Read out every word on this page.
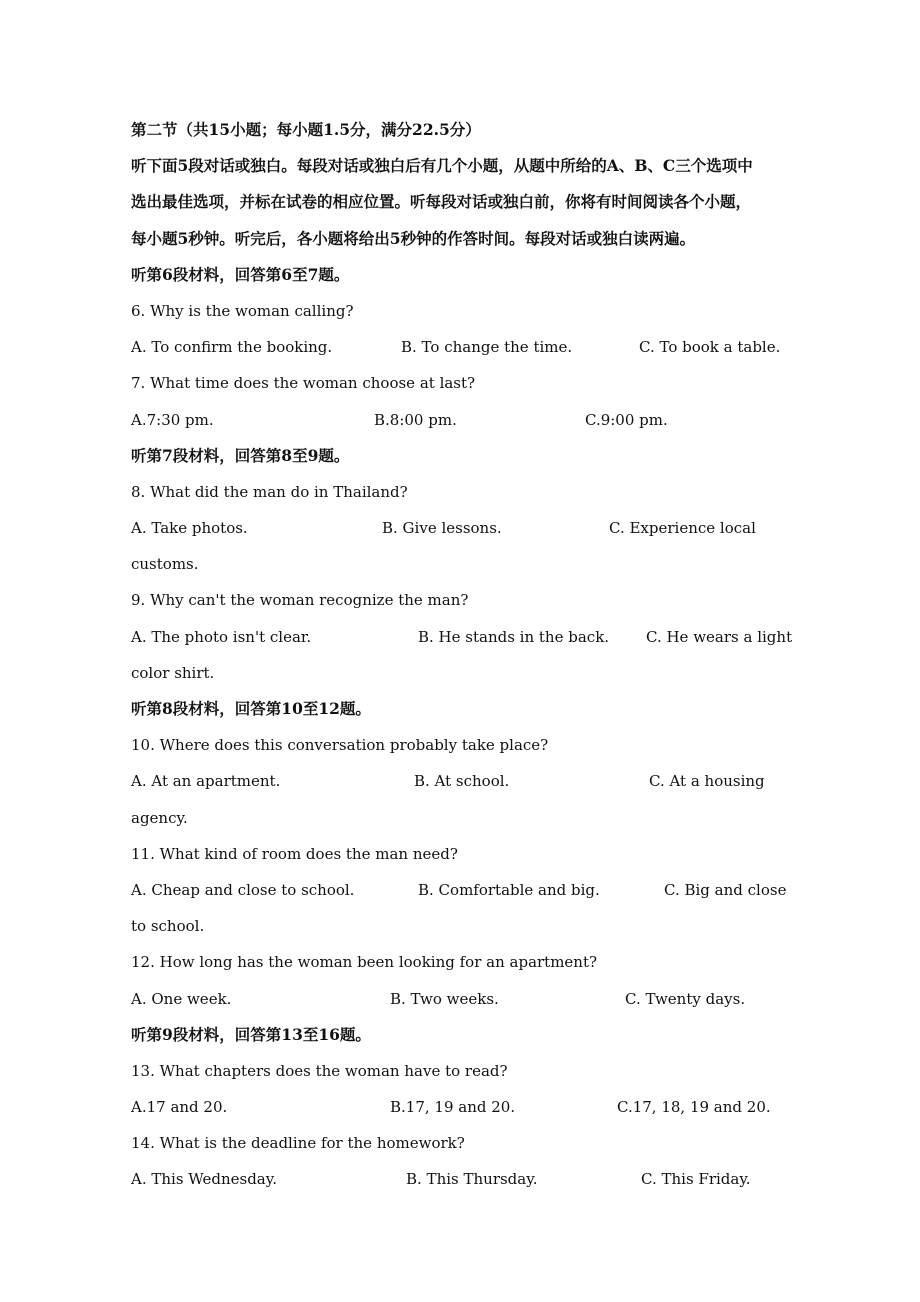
第二节（共15小题；每小题1.5分，满分22.5分）
听下面5段对话或独白。每段对话或独白后有几个小题，从题中所给的A、B、C三个选项中
选出最佳选项，并标在试卷的相应位置。听每段对话或独白前，你将有时间阅读各个小题，
每小题5秒钟。听完后，各小题将给出5秒钟的作答时间。每段对话或独白读两遍。
听第6段材料，回答第6至7题。
6. Why is the woman calling?
A. To confirm the booking.	B. To change the time.	C. To book a table.
7. What time does the woman choose at last?
A.7:30 pm.	B.8:00 pm.	C.9:00 pm.
听第7段材料，回答第8至9题。
8. What did the man do in Thailand?
A. Take photos.	B. Give lessons.	C. Experience local
customs.
9. Why can't the woman recognize the man?
A. The photo isn't clear.	B. He stands in the back. C. He wears a light
color shirt.
听第8段材料，回答第10至12题。
10. Where does this conversation probably take place?
A. At an apartment.	B. At school.	C. At a housing
agency.
11. What kind of room does the man need?
A. Cheap and close to school.	B. Comfortable and big.	C. Big and close
to school.
12. How long has the woman been looking for an apartment?
A. One week.	B. Two weeks.	C. Twenty days.
听第9段材料，回答第13至16题。
13. What chapters does the woman have to read?
A.17 and 20.	B.17, 19 and 20.	C.17, 18, 19 and 20.
14. What is the deadline for the homework?
A. This Wednesday.	B. This Thursday.	C. This Friday.
